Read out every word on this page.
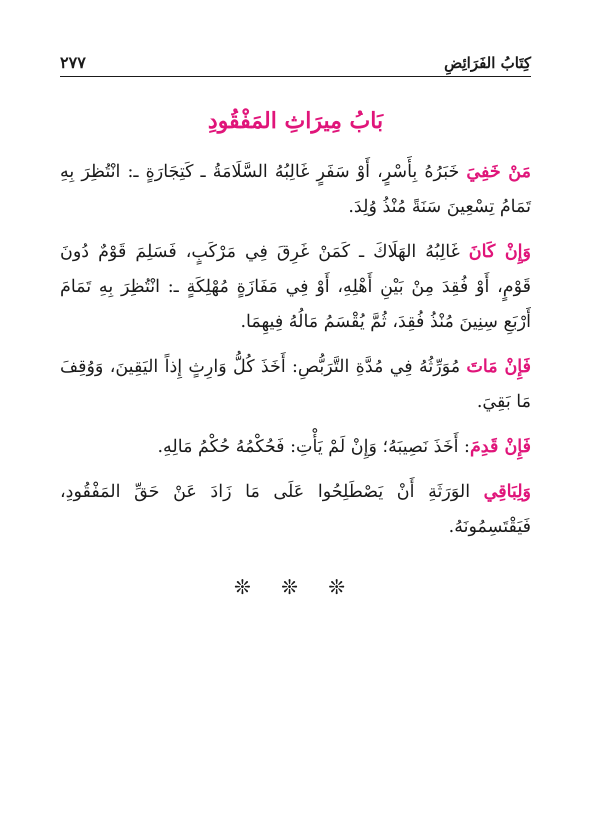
كِتَابُ الفَرَائِضِ
٢٧٧
بَابُ مِيرَاثِ المَفْقُودِ

مَنْ خَفِيَ خَبَرُهُ بِأَسْرٍ، أَوْ سَفَرٍ غَالِبُهُ السَّلَامَةُ ـ كَتِجَارَةٍ ـ: انْتُظِرَ بِهِ تَمَامُ تِسْعِينَ سَنَةً مُنْذُ وُلِدَ.

وَإِنْ كَانَ غَالِبُهُ الهَلَاكَ ـ كَمَنْ غَرِقَ فِي مَرْكَبٍ، فَسَلِمَ قَوْمٌ دُونَ قَوْمٍ، أَوْ فُقِدَ مِنْ بَيْنِ أَهْلِهِ، أَوْ فِي مَفَازَةٍ مُهْلِكَةٍ ـ: انْتُظِرَ بِهِ تَمَامَ أَرْبَعِ سِنِينَ مُنْذُ فُقِدَ، ثُمَّ يُقْسَمُ مَالُهُ فِيهِمَا.

فَإِنْ مَاتَ مُوَرِّثُهُ فِي مُدَّةِ التَّرَبُّصِ: أَخَذَ كُلُّ وَارِثٍ إِذاً اليَقِينَ، وَوُقِفَ مَا بَقِيَ.

فَإِنْ قَدِمَ: أَخَذَ نَصِيبَهُ؛ وَإِنْ لَمْ يَأْتِ: فَحُكْمُهُ حُكْمُ مَالِهِ.

وَلِبَاقِي الوَرَثَةِ أَنْ يَصْطَلِحُوا عَلَى مَا زَادَ عَنْ حَقِّ المَفْقُودِ، فَيَقْتَسِمُونَهُ.

❊ ❊ ❊
